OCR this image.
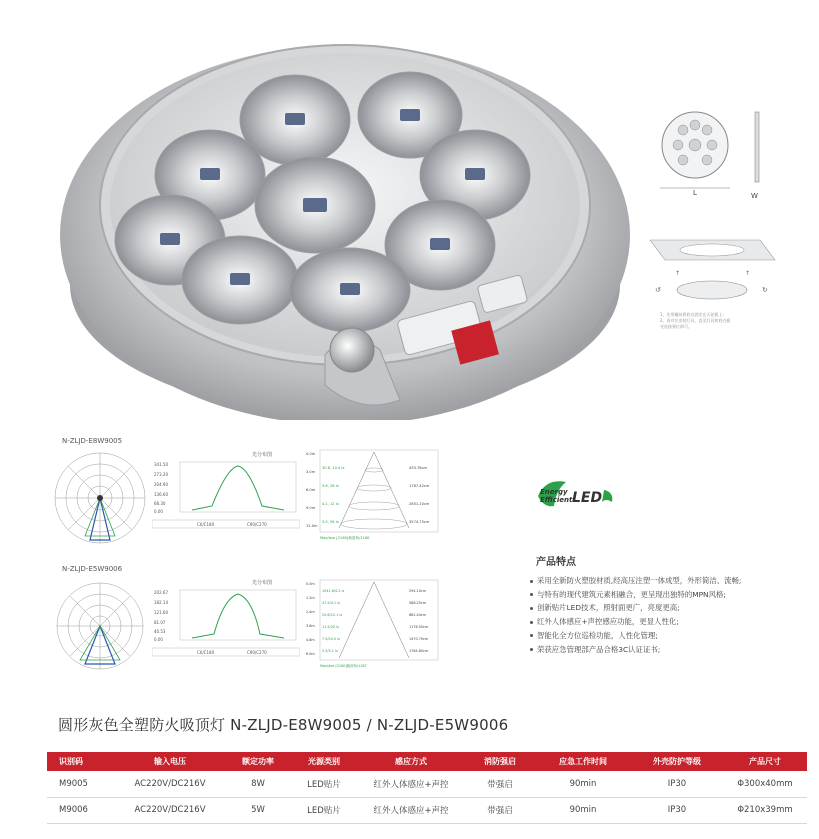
L	W
↑	↑
↺	↻
1、先用螺丝将底壳固定在天花板上;
2、再对位安装灯具，直至灯具和底壳板
壳连接到位即可。
N-ZLJD-E8W9005
光分布图
341.50
273.20
204.90
136.60
68.30
0.00
C0/C180	C90/C270
30.8, 10.4 lx
3.6, 28 lx
4.1, 12 lx
3.5, 58 lx
433.76cm
1767.42cm
2651.10cm
3574.75cm
0.0m
3.0m
6.0m
9.0m
12.0m
Max/Ave [2160]截面角/1180
N-ZLJD-E5W9006
光分布图
202.67
182.14
121.60
81.07
40.53
0.00
C0/C180	C90/C270
1041.6/4.2 lx
47.5/4.1 lx
25.6/12.1 lx
11.5/20 lx
7.5/24.5 lx
5.5/3.1 lx
294.10cm
588.25cm
882.44cm
1176.50cm
1470.70cm
1764.80cm
0.0m
1.2m
2.4m
3.6m
4.8m
6.0m
Max/Ave [2160]截面角/1187
Energy
Efficient LED
产品特点
采用全新防火塑胶材质,经高压注塑一体成型，外形简洁、流畅;
与特有的现代建筑元素相融合，更呈现出独特的MPN风格;
创新贴片LED技术，照射面更广，亮度更高;
红外人体感应+声控感应功能，更显人性化;
智能化全方位巡检功能，人性化管理;
荣获应急管理部产品合格3C认证证书;
圆形灰色全塑防火吸顶灯 N-ZLJD-E8W9005 / N-ZLJD-E5W9006
识别码	输入电压	额定功率	光源类别	感应方式	消防强启	应急工作时间	外壳防护等级	产品尺寸
M9005	AC220V/DC216V	8W	LED贴片	红外人体感应+声控	带强启	90min	IP30	Φ300x40mm
M9006	AC220V/DC216V	5W	LED贴片	红外人体感应+声控	带强启	90min	IP30	Φ210x39mm
